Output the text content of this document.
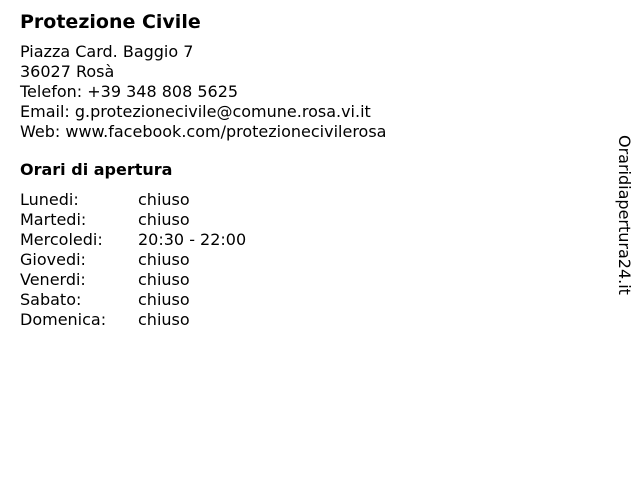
Protezione Civile
Piazza Card. Baggio 7
36027 Rosà
Telefon: +39 348 808 5625
Email: g.protezionecivile@comune.rosa.vi.it
Web: www.facebook.com/protezionecivilerosa
Orari di apertura
Lunedi:	chiuso
Martedi:	chiuso
Mercoledi:	20:30 - 22:00
Giovedi:	chiuso
Venerdi:	chiuso
Sabato:	chiuso
Domenica:	chiuso
Oraridiapertura24.it
